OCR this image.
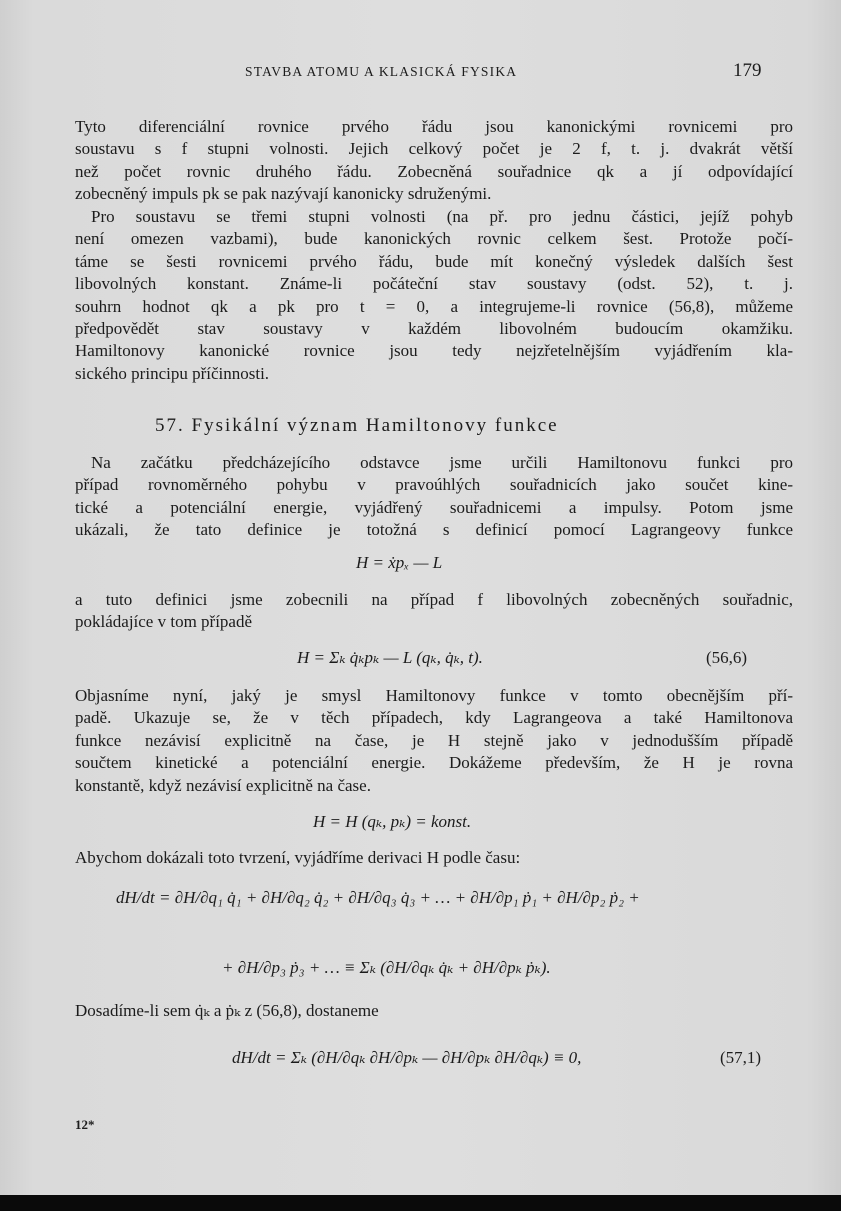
STAVBA ATOMU A KLASICKÁ FYSIKA	179
Tyto diferenciální rovnice prvého řádu jsou kanonickými rovnicemi pro
soustavu s f stupni volnosti. Jejich celkový počet je 2 f, t. j. dvakrát větší
než počet rovnic druhého řádu. Zobecněná souřadnice qk a jí odpovídající
zobecněný impuls pk se pak nazývají kanonicky sdruženými.
Pro soustavu se třemi stupni volnosti (na př. pro jednu částici, jejíž pohyb
není omezen vazbami), bude kanonických rovnic celkem šest. Protože počí-
táme se šesti rovnicemi prvého řádu, bude mít konečný výsledek dalších šest
libovolných konstant. Známe-li počáteční stav soustavy (odst. 52), t. j.
souhrn hodnot qk a pk pro t = 0, a integrujeme-li rovnice (56,8), můžeme
předpovědět stav soustavy v každém libovolném budoucím okamžiku.
Hamiltonovy kanonické rovnice jsou tedy nejzřetelnějším vyjádřením kla-
sického principu příčinnosti.
57. Fysikální význam Hamiltonovy funkce
Na začátku předcházejícího odstavce jsme určili Hamiltonovu funkci pro
případ rovnoměrného pohybu v pravoúhlých souřadnicích jako součet kine-
tické a potenciální energie, vyjádřený souřadnicemi a impulsy. Potom jsme
ukázali, že tato definice je totožná s definicí pomocí Lagrangeovy funkce
H = ẋpₓ — L
a tuto definici jsme zobecnili na případ f libovolných zobecněných souřadnic,
pokládajíce v tom případě
H = Σₖ q̇ₖpₖ — L (qₖ, q̇ₖ, t).	(56,6)
Objasníme nyní, jaký je smysl Hamiltonovy funkce v tomto obecnějším pří-
padě. Ukazuje se, že v těch případech, kdy Lagrangeova a také Hamiltonova
funkce nezávisí explicitně na čase, je H stejně jako v jednodušším případě
součtem kinetické a potenciální energie. Dokážeme především, že H je rovna
konstantě, když nezávisí explicitně na čase.
H = H (qₖ, pₖ) = konst.
Abychom dokázali toto tvrzení, vyjádříme derivaci H podle času:
dH/dt = ∂H/∂q₁ q̇₁ + ∂H/∂q₂ q̇₂ + ∂H/∂q₃ q̇₃ + … + ∂H/∂p₁ ṗ₁ + ∂H/∂p₂ ṗ₂ +
+ ∂H/∂p₃ ṗ₃ + … ≡ Σₖ (∂H/∂qₖ q̇ₖ + ∂H/∂pₖ ṗₖ).
Dosadíme-li sem q̇ₖ a ṗₖ z (56,8), dostaneme
dH/dt = Σₖ (∂H/∂qₖ ∂H/∂pₖ — ∂H/∂pₖ ∂H/∂qₖ) ≡ 0,	(57,1)
12*
